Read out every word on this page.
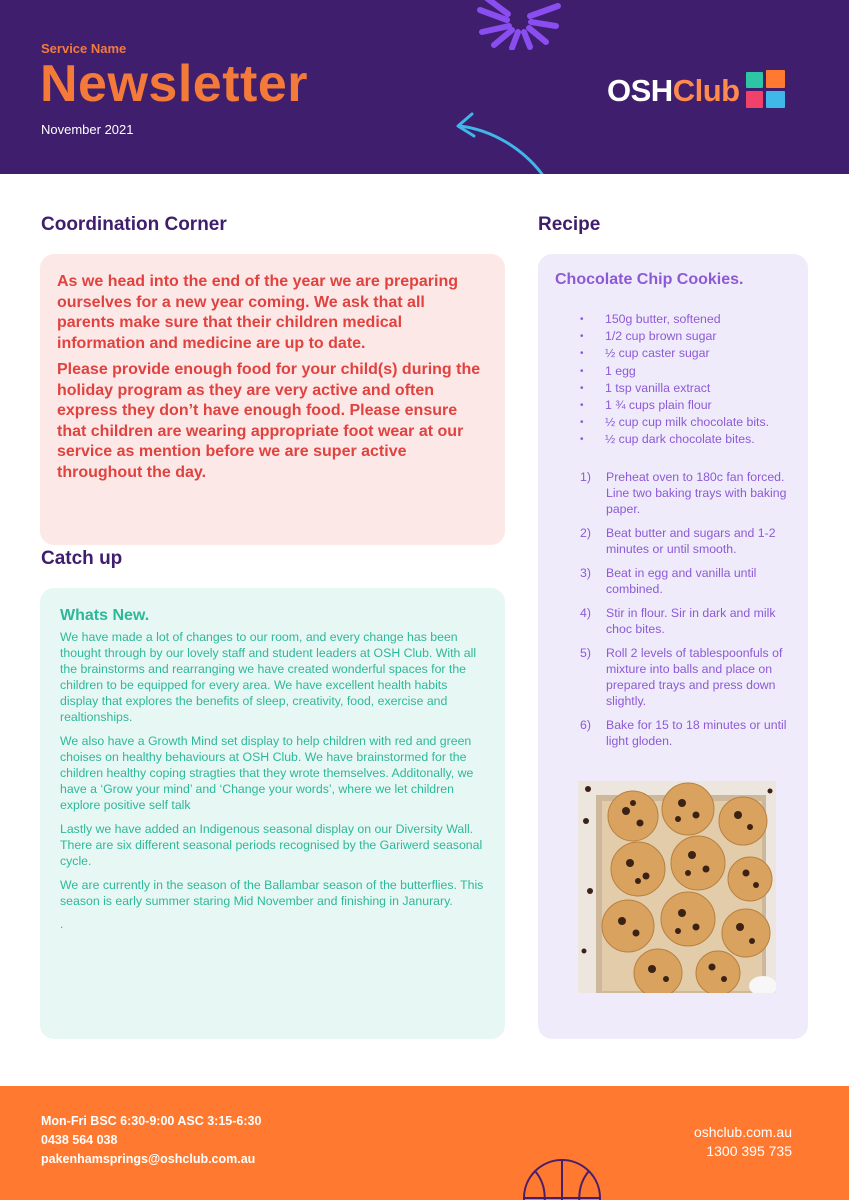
Service Name
Newsletter
November 2021
OSHClub
Coordination Corner

As we head into the end of the year we are preparing ourselves for a new year coming. We ask that all parents make sure that their children medical information and medicine are up to date.

Please provide enough food for your child(s) during the holiday program as they are very active and often express they don’t have enough food. Please ensure that children are wearing appropriate foot wear at our service as mention before we are super active throughout the day.

Catch up
Whats New.

We have made a lot of changes to our room, and every change has been thought through by our lovely staff and student leaders at OSH Club. With all the brainstorms and rearranging we have created wonderful spaces for the children to be equipped for every area. We have excellent health habits display that explores the benefits of sleep, creativity, food, exercise and realtionships.

We also have a Growth Mind set display to help children with red and green choises on healthy behaviours at OSH Club. We have brainstormed for the children healthy coping stragties that they wrote themselves. Additonally, we have a ‘Grow your mind’ and ‘Change your words’, where we let children explore positive self talk

Lastly we have added an Indigenous seasonal display on our Diversity Wall. There are six different seasonal periods recognised by the Gariwerd seasonal cycle.

We are currently in the season of the Ballambar season of the butterflies. This season is early summer staring Mid November and finishing in Janurary.

.

Recipe
Chocolate Chip Cookies.
•	150g butter, softened
•	1/2 cup brown sugar
•	½ cup caster sugar
•	1 egg
•	1 tsp vanilla extract
•	1 ¾ cups plain flour
•	½ cup cup milk chocolate bits.
•	½ cup dark chocolate bites.
1)	Preheat oven to 180c fan forced. Line two baking trays with baking paper.
2)	Beat butter and sugars and 1-2 minutes or until smooth.
3)	Beat in egg and vanilla until combined.
4)	Stir in flour. Sir in dark and milk choc bites.
5)	Roll 2 levels of tablespoonfuls of mixture into balls and place on prepared trays and press down slightly.
6)	Bake for 15 to 18 minutes or until light gloden.
Mon-Fri BSC 6:30-9:00 ASC 3:15-6:30
0438 564 038
pakenhamsprings@oshclub.com.au
oshclub.com.au
1300 395 735
